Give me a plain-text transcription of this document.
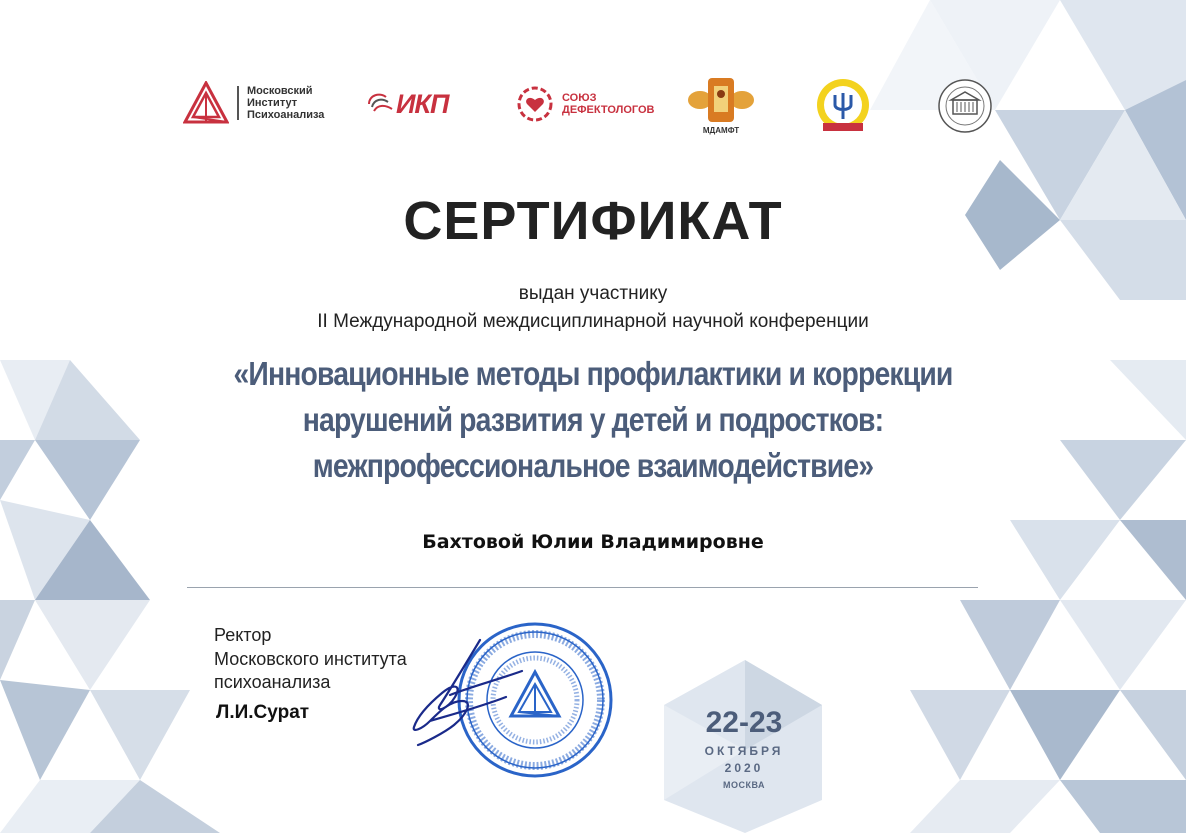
Московский
Институт
Психоанализа	ИКП	СОЮЗ
ДЕФЕКТОЛОГОВ
МДАМФТ
СЕРТИФИКАТ
выдан участнику
II Международной междисциплинарной научной конференции
«Инновационные методы профилактики и коррекции
нарушений развития у детей и подростков:
межпрофессиональное взаимодействие»
Бахтовой Юлии Владимировне
Ректор
Московского института
психоанализа
Л.И.Сурат	22-23
ОКТЯБРЯ
2020
МОСКВА
